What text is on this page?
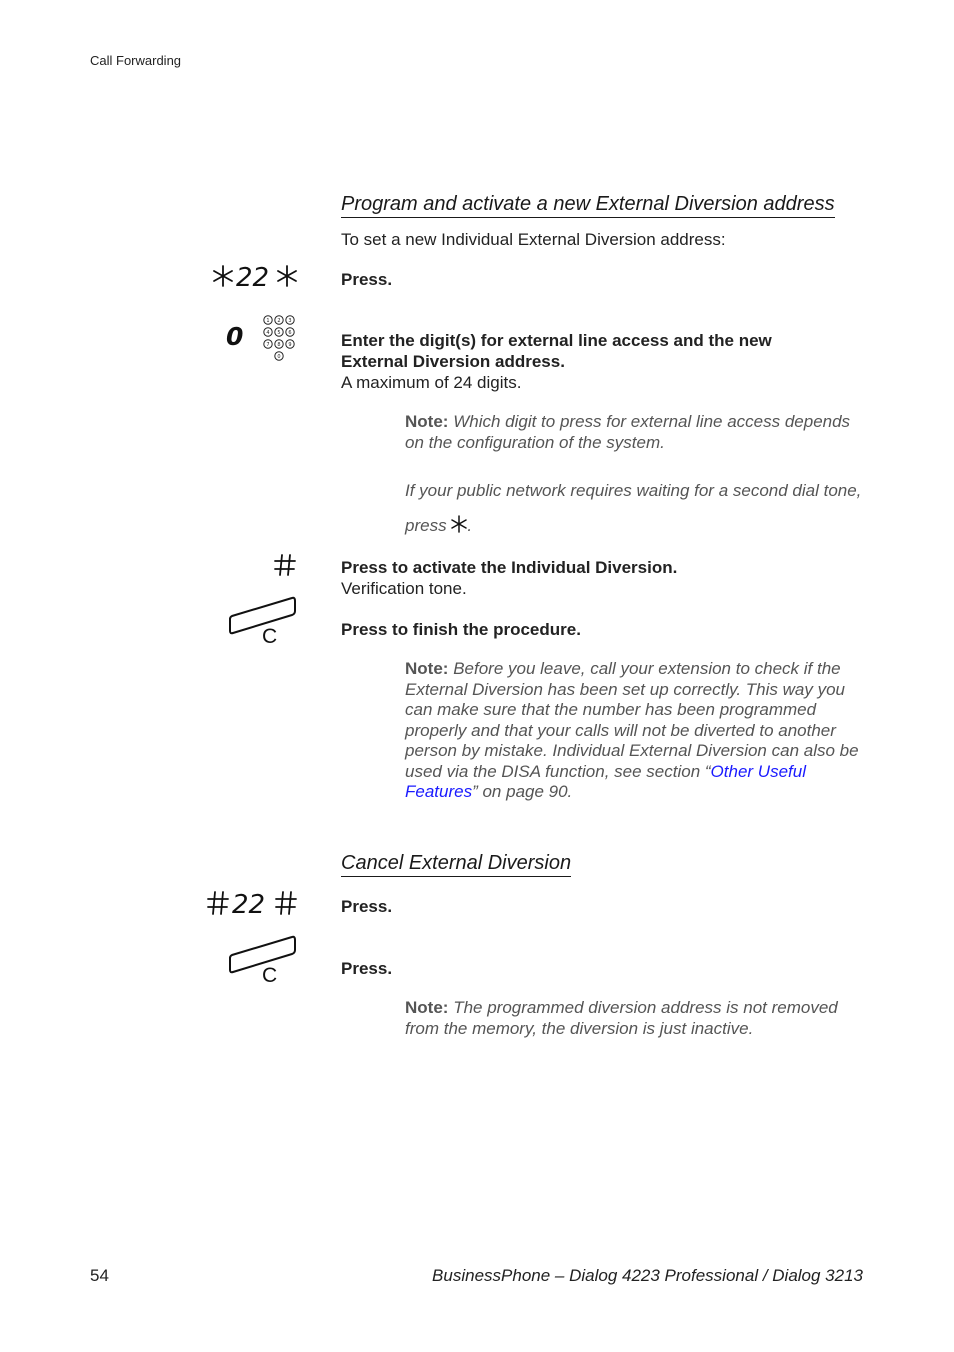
Call Forwarding
Program and activate a new External Diversion address
To set a new Individual External Diversion address:
22	Press.
0
1 2 3
4 5 6
7 8 9
0
Enter the digit(s) for external line access and the new External Diversion address.
A maximum of 24 digits.
Note: Which digit to press for external line access depends on the configuration of the system.
If your public network requires waiting for a second dial tone, press .
Press to activate the Individual Diversion.
Verification tone.
C	Press to finish the procedure.
Note: Before you leave, call your extension to check if the External Diversion has been set up correctly. This way you can make sure that the number has been programmed properly and that your calls will not be diverted to another person by mistake. Individual External Diversion can also be used via the DISA function, see section “Other Useful Features” on page 90.
Cancel External Diversion
22	Press.
C	Press.
Note: The programmed diversion address is not removed from the memory, the diversion is just inactive.
54	BusinessPhone – Dialog 4223 Professional / Dialog 3213
